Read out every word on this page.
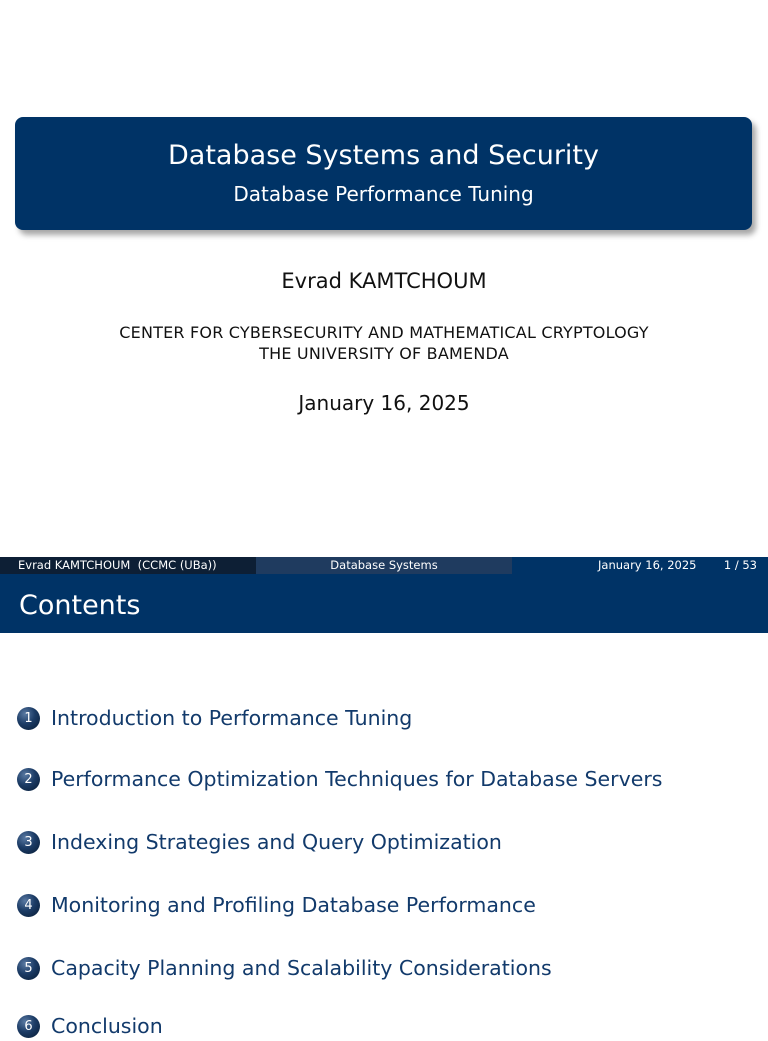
Database Systems and Security
Database Performance Tuning
Evrad KAMTCHOUM
CENTER FOR CYBERSECURITY AND MATHEMATICAL CRYPTOLOGY
THE UNIVERSITY OF BAMENDA
January 16, 2025
Evrad KAMTCHOUM  (CCMC (UBa))	Database Systems	January 16, 2025 1 / 53
Contents
1 Introduction to Performance Tuning
2 Performance Optimization Techniques for Database Servers
3 Indexing Strategies and Query Optimization
4 Monitoring and Profiling Database Performance
5 Capacity Planning and Scalability Considerations
6 Conclusion
